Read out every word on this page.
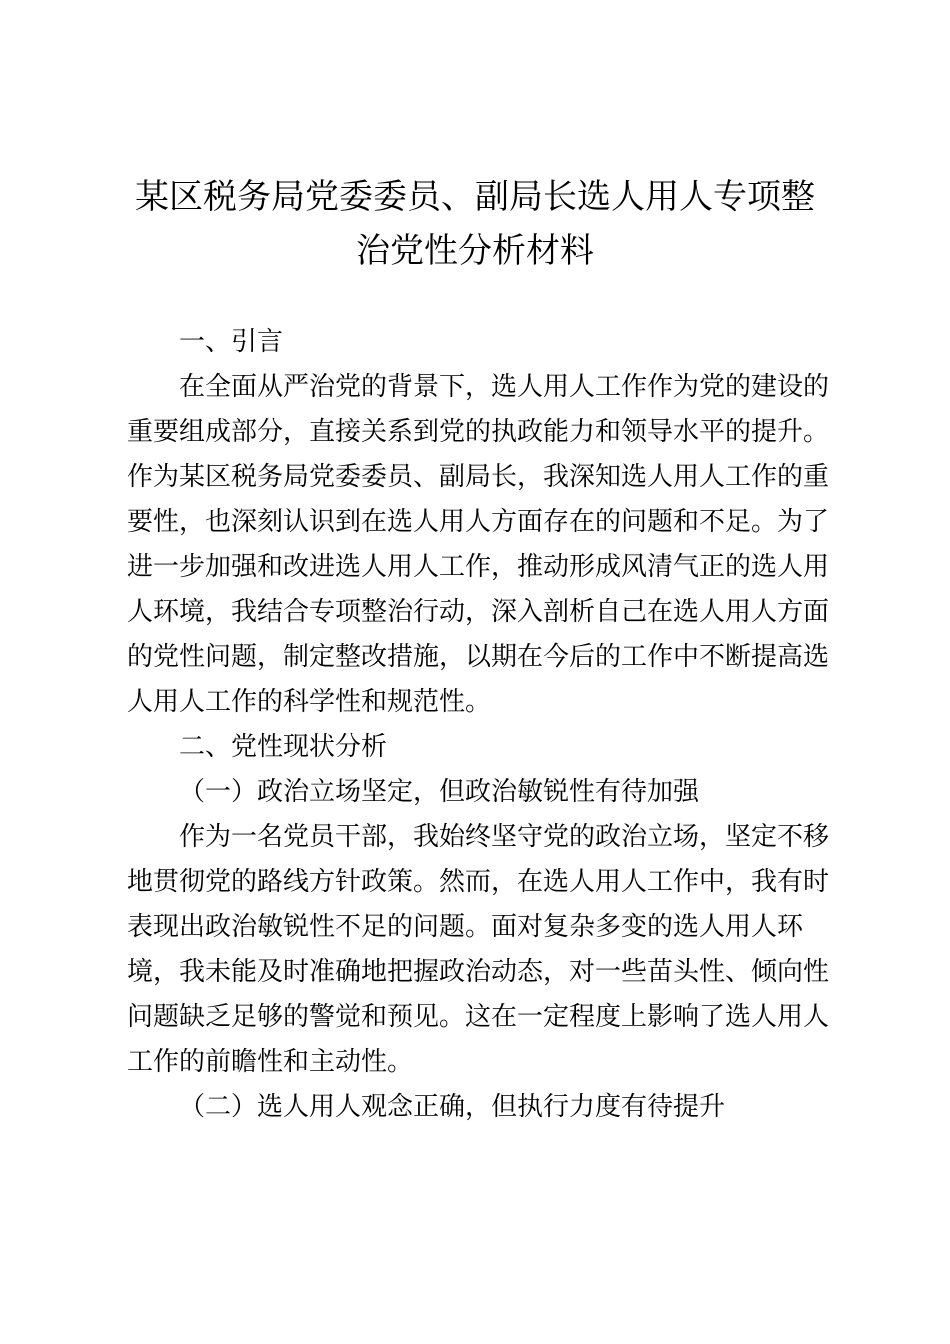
某区税务局党委委员、副局长选人用人专项整
治党性分析材料
一、引言
在全面从严治党的背景下，选人用人工作作为党的建设的
重要组成部分，直接关系到党的执政能力和领导水平的提升。
作为某区税务局党委委员、副局长，我深知选人用人工作的重
要性，也深刻认识到在选人用人方面存在的问题和不足。为了
进一步加强和改进选人用人工作，推动形成风清气正的选人用
人环境，我结合专项整治行动，深入剖析自己在选人用人方面
的党性问题，制定整改措施，以期在今后的工作中不断提高选
人用人工作的科学性和规范性。
二、党性现状分析
（一）政治立场坚定，但政治敏锐性有待加强
作为一名党员干部，我始终坚守党的政治立场，坚定不移
地贯彻党的路线方针政策。然而，在选人用人工作中，我有时
表现出政治敏锐性不足的问题。面对复杂多变的选人用人环
境，我未能及时准确地把握政治动态，对一些苗头性、倾向性
问题缺乏足够的警觉和预见。这在一定程度上影响了选人用人
工作的前瞻性和主动性。
（二）选人用人观念正确，但执行力度有待提升
